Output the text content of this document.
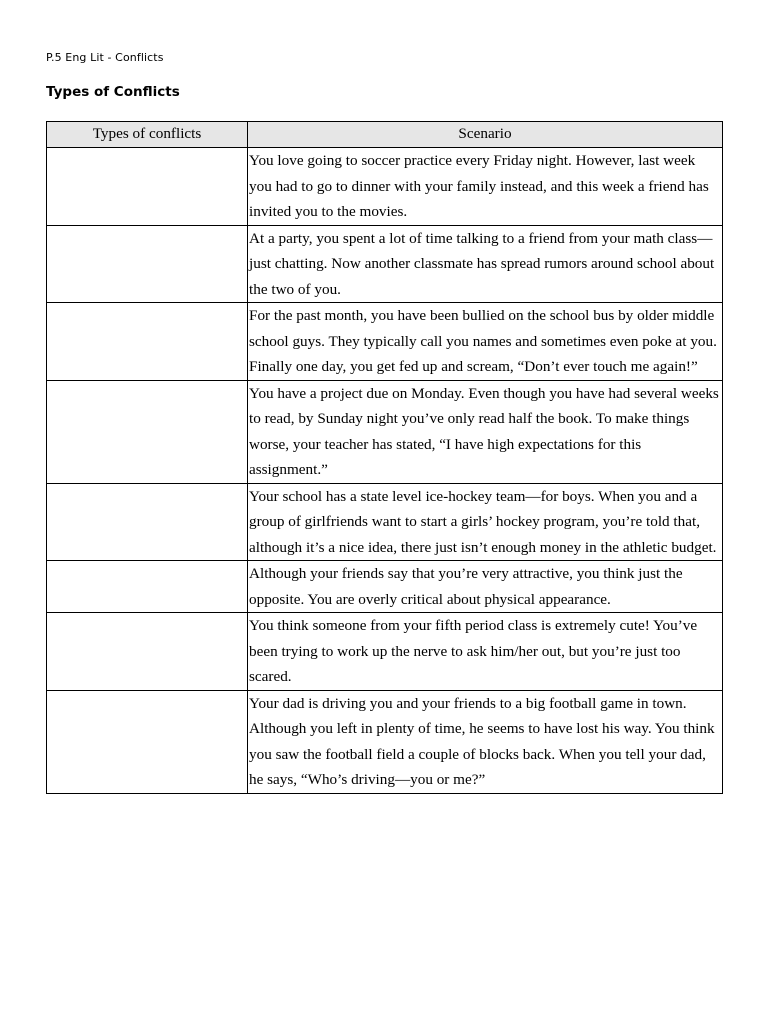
P.5 Eng Lit - Conflicts
Types of Conflicts
Types of conflicts	Scenario
	You love going to soccer practice every Friday night. However, last week you had to go to dinner with your family instead, and this week a friend has invited you to the movies.
	At a party, you spent a lot of time talking to a friend from your math class—just chatting. Now another classmate has spread rumors around school about the two of you.
	For the past month, you have been bullied on the school bus by older middle school guys. They typically call you names and sometimes even poke at you. Finally one day, you get fed up and scream, “Don’t ever touch me again!”
	You have a project due on Monday. Even though you have had several weeks to read, by Sunday night you’ve only read half the book. To make things worse, your teacher has stated, “I have high expectations for this assignment.”
	Your school has a state level ice-hockey team—for boys. When you and a group of girlfriends want to start a girls’ hockey program, you’re told that, although it’s a nice idea, there just isn’t enough money in the athletic budget.
	Although your friends say that you’re very attractive, you think just the opposite. You are overly critical about physical appearance.
	You think someone from your fifth period class is extremely cute! You’ve been trying to work up the nerve to ask him/her out, but you’re just too scared.
	Your dad is driving you and your friends to a big football game in town. Although you left in plenty of time, he seems to have lost his way. You think you saw the football field a couple of blocks back. When you tell your dad, he says, “Who’s driving—you or me?”
